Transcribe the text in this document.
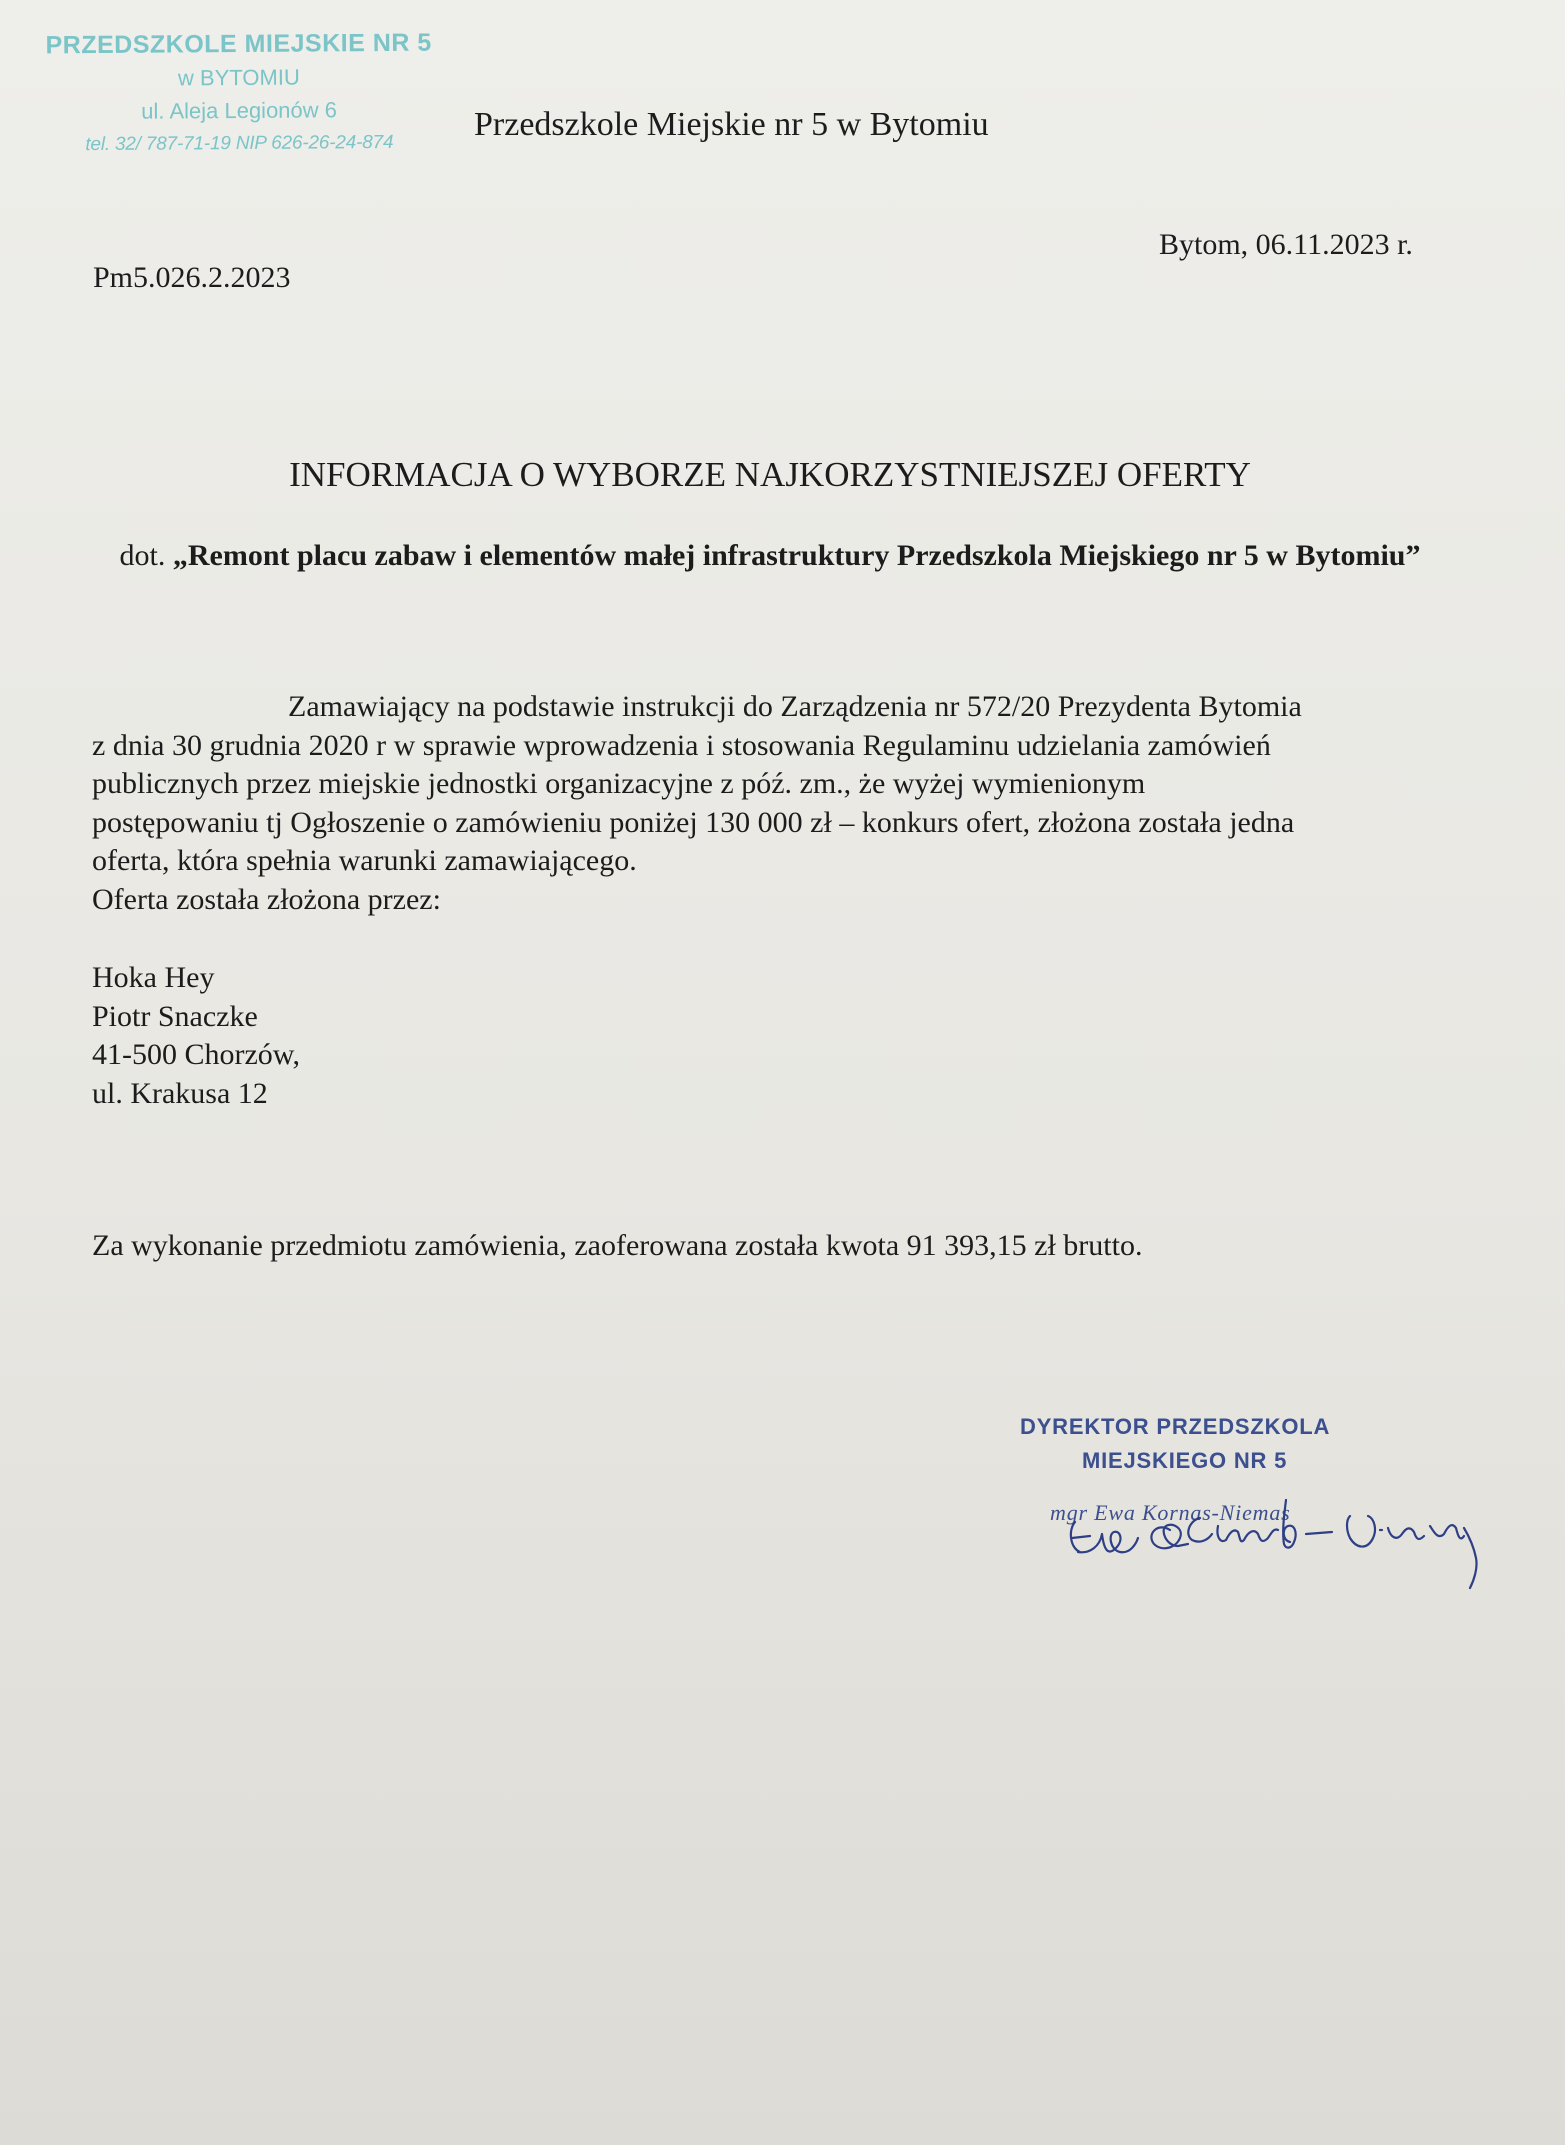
PRZEDSZKOLE MIEJSKIE NR 5
w BYTOMIU
ul. Aleja Legionów 6
tel. 32/ 787-71-19 NIP 626-26-24-874
Przedszkole Miejskie nr 5 w Bytomiu
Bytom, 06.11.2023 r.
Pm5.026.2.2023
INFORMACJA O WYBORZE NAJKORZYSTNIEJSZEJ OFERTY
dot. „Remont placu zabaw i elementów małej infrastruktury Przedszkola Miejskiego nr 5 w Bytomiu”
Zamawiający na podstawie instrukcji do Zarządzenia nr 572/20 Prezydenta Bytomia
z dnia 30 grudnia 2020 r w sprawie wprowadzenia i stosowania Regulaminu udzielania zamówień
publicznych przez miejskie jednostki organizacyjne z póź. zm., że wyżej wymienionym
postępowaniu tj Ogłoszenie o zamówieniu poniżej 130 000 zł – konkurs ofert, złożona została jedna
oferta, która spełnia warunki zamawiającego.
Oferta została złożona przez:
Hoka Hey
Piotr Snaczke
41-500 Chorzów,
ul. Krakusa 12
Za wykonanie przedmiotu zamówienia, zaoferowana została kwota 91 393,15 zł brutto.
DYREKTOR PRZEDSZKOLA
MIEJSKIEGO NR 5
mgr Ewa Kornas-Niemas
